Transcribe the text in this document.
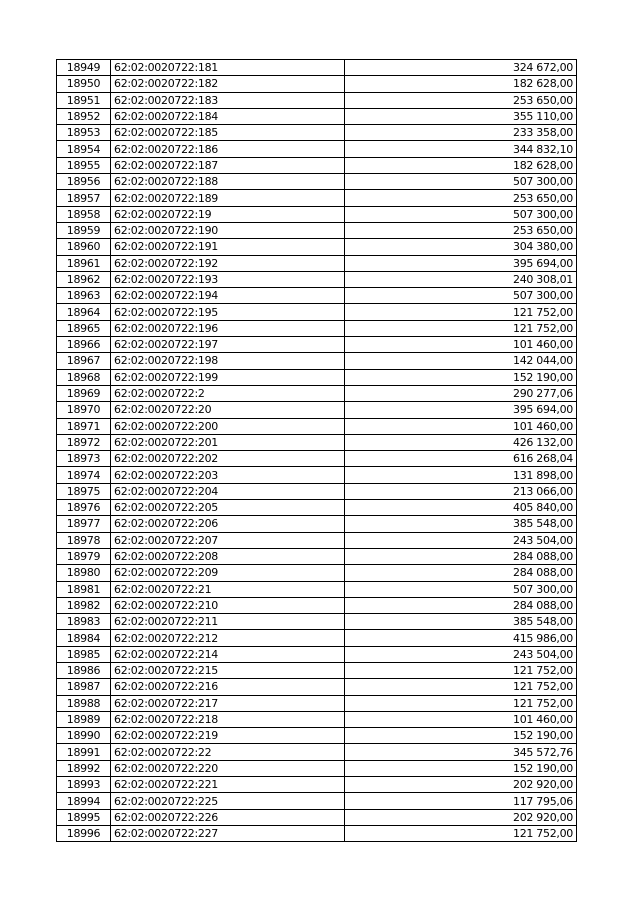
18949	62:02:0020722:181	324 672,00
18950	62:02:0020722:182	182 628,00
18951	62:02:0020722:183	253 650,00
18952	62:02:0020722:184	355 110,00
18953	62:02:0020722:185	233 358,00
18954	62:02:0020722:186	344 832,10
18955	62:02:0020722:187	182 628,00
18956	62:02:0020722:188	507 300,00
18957	62:02:0020722:189	253 650,00
18958	62:02:0020722:19	507 300,00
18959	62:02:0020722:190	253 650,00
18960	62:02:0020722:191	304 380,00
18961	62:02:0020722:192	395 694,00
18962	62:02:0020722:193	240 308,01
18963	62:02:0020722:194	507 300,00
18964	62:02:0020722:195	121 752,00
18965	62:02:0020722:196	121 752,00
18966	62:02:0020722:197	101 460,00
18967	62:02:0020722:198	142 044,00
18968	62:02:0020722:199	152 190,00
18969	62:02:0020722:2	290 277,06
18970	62:02:0020722:20	395 694,00
18971	62:02:0020722:200	101 460,00
18972	62:02:0020722:201	426 132,00
18973	62:02:0020722:202	616 268,04
18974	62:02:0020722:203	131 898,00
18975	62:02:0020722:204	213 066,00
18976	62:02:0020722:205	405 840,00
18977	62:02:0020722:206	385 548,00
18978	62:02:0020722:207	243 504,00
18979	62:02:0020722:208	284 088,00
18980	62:02:0020722:209	284 088,00
18981	62:02:0020722:21	507 300,00
18982	62:02:0020722:210	284 088,00
18983	62:02:0020722:211	385 548,00
18984	62:02:0020722:212	415 986,00
18985	62:02:0020722:214	243 504,00
18986	62:02:0020722:215	121 752,00
18987	62:02:0020722:216	121 752,00
18988	62:02:0020722:217	121 752,00
18989	62:02:0020722:218	101 460,00
18990	62:02:0020722:219	152 190,00
18991	62:02:0020722:22	345 572,76
18992	62:02:0020722:220	152 190,00
18993	62:02:0020722:221	202 920,00
18994	62:02:0020722:225	117 795,06
18995	62:02:0020722:226	202 920,00
18996	62:02:0020722:227	121 752,00
